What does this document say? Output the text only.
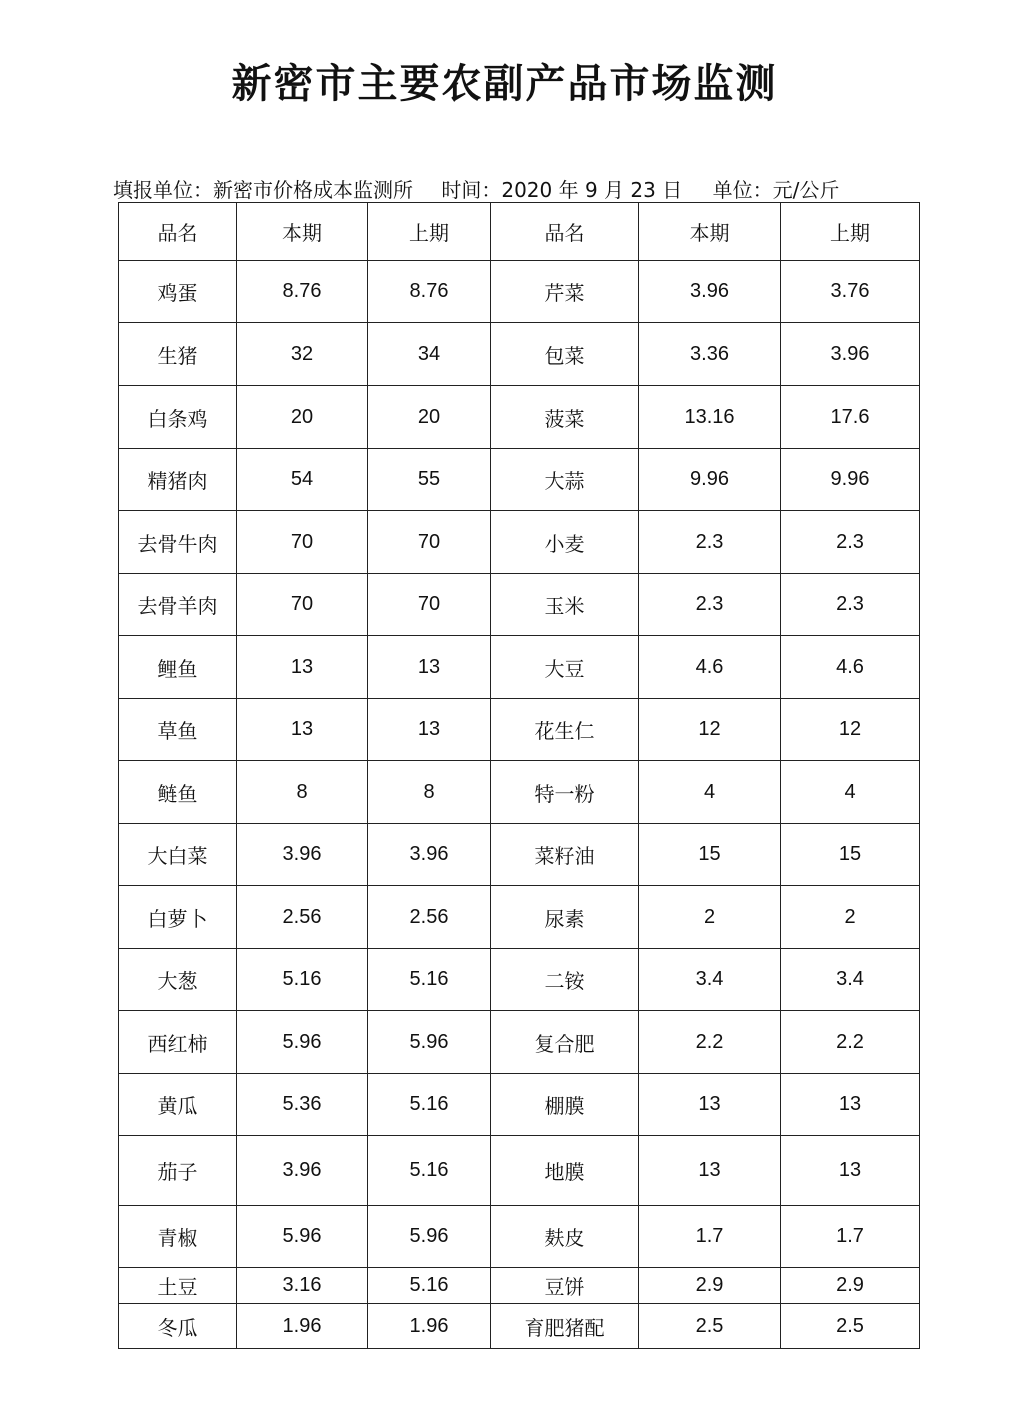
新密市主要农副产品市场监测
填报单位：新密市价格成本监测所 时间：2020 年 9 月 23 日 单位：元/公斤
品名	本期	上期	品名	本期	上期
鸡蛋	8.76	8.76	芹菜	3.96	3.76
生猪	32	34	包菜	3.36	3.96
白条鸡	20	20	菠菜	13.16	17.6
精猪肉	54	55	大蒜	9.96	9.96
去骨牛肉	70	70	小麦	2.3	2.3
去骨羊肉	70	70	玉米	2.3	2.3
鲤鱼	13	13	大豆	4.6	4.6
草鱼	13	13	花生仁	12	12
鲢鱼	8	8	特一粉	4	4
大白菜	3.96	3.96	菜籽油	15	15
白萝卜	2.56	2.56	尿素	2	2
大葱	5.16	5.16	二铵	3.4	3.4
西红柿	5.96	5.96	复合肥	2.2	2.2
黄瓜	5.36	5.16	棚膜	13	13
茄子	3.96	5.16	地膜	13	13
青椒	5.96	5.96	麸皮	1.7	1.7
土豆	3.16	5.16	豆饼	2.9	2.9
冬瓜	1.96	1.96	育肥猪配	2.5	2.5
